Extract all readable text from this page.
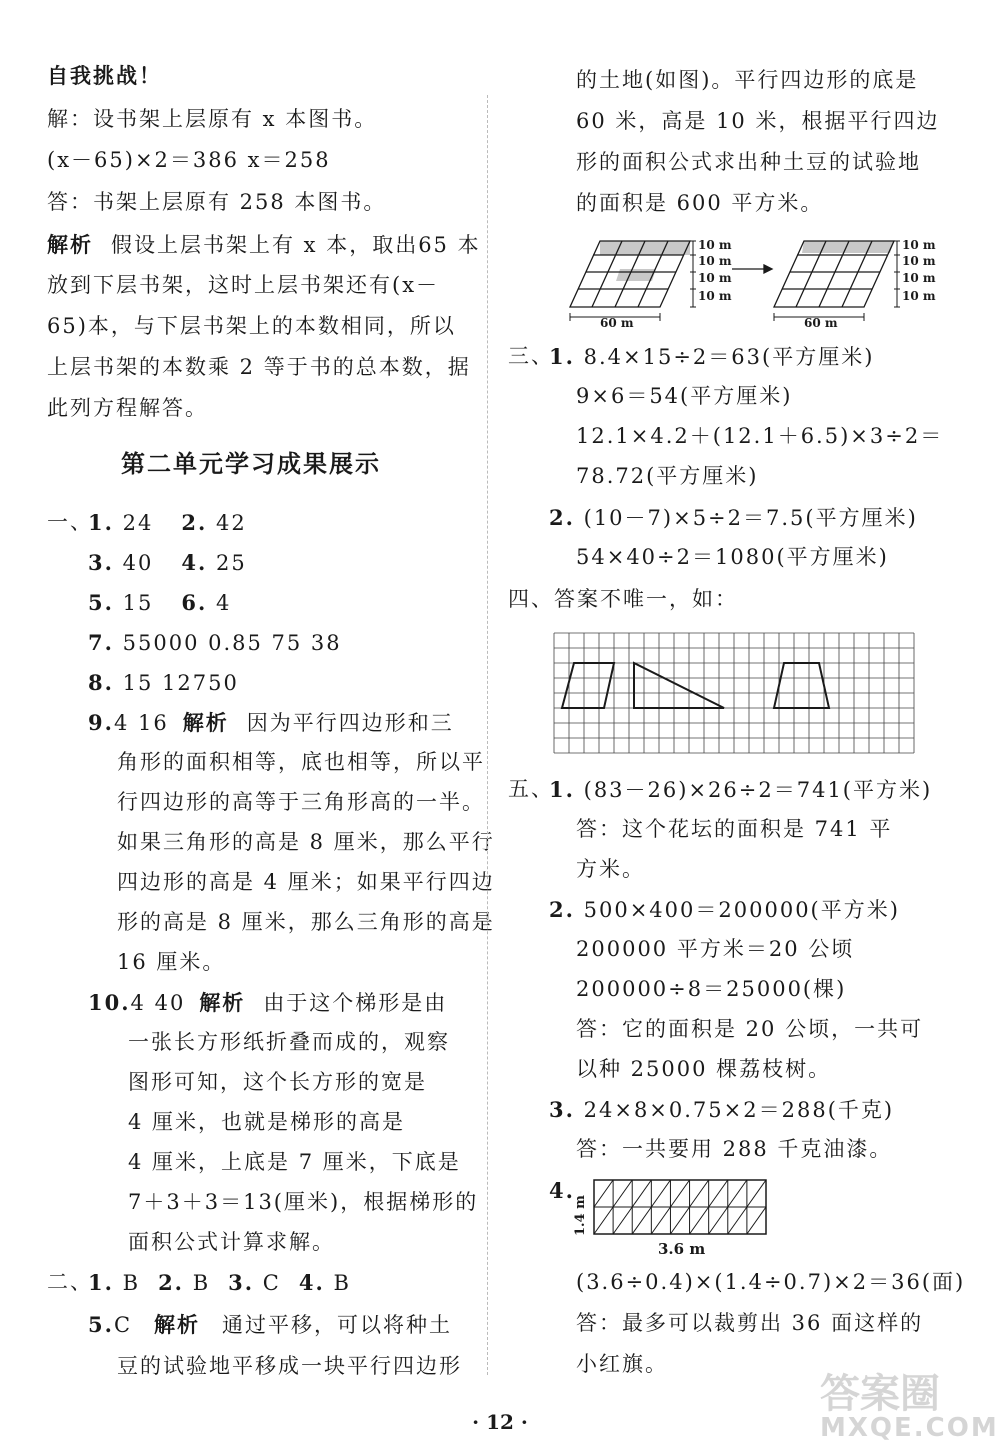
自我挑战！
解：设书架上层原有 x 本图书。
(x－65)×2＝386 x＝258
答：书架上层原有 258 本图书。
解析 假设上层书架上有 x 本，取出65 本
放到下层书架，这时上层书架还有(x－
65)本，与下层书架上的本数相同，所以
上层书架的本数乘 2 等于书的总本数，据
此列方程解答。
第二单元学习成果展示
一、
1. 24 2. 42
3. 40 4. 25
5. 15 6. 4
7. 55000 0.85 75 38
8. 15 12750
9.4 16 解析 因为平行四边形和三
角形的面积相等，底也相等，所以平
行四边形的高等于三角形高的一半。
如果三角形的高是 8 厘米，那么平行
四边形的高是 4 厘米；如果平行四边
形的高是 8 厘米，那么三角形的高是
16 厘米。
10.4 40 解析 由于这个梯形是由
一张长方形纸折叠而成的，观察
图形可知，这个长方形的宽是
4 厘米，也就是梯形的高是
4 厘米，上底是 7 厘米，下底是
7＋3＋3＝13(厘米)，根据梯形的
面积公式计算求解。
二、
1. B 2. B 3. C 4. B
5.C 解析 通过平移，可以将种土
豆的试验地平移成一块平行四边形
的土地(如图)。平行四边形的底是
60 米，高是 10 米，根据平行四边
形的面积公式求出种土豆的试验地
的面积是 600 平方米。
10 m
10 m
10 m
10 m
60 m
10 m
10 m
10 m
10 m
60 m
三、
1. 8.4×15÷2＝63(平方厘米)
9×6＝54(平方厘米)
12.1×4.2＋(12.1＋6.5)×3÷2＝
78.72(平方厘米)
2. (10－7)×5÷2＝7.5(平方厘米)
54×40÷2＝1080(平方厘米)
四、答案不唯一，如：
五、
1. (83－26)×26÷2＝741(平方米)
答：这个花坛的面积是 741 平
方米。
2. 500×400＝200000(平方米)
200000 平方米＝20 公顷
200000÷8＝25000(棵)
答：它的面积是 20 公顷，一共可
以种 25000 棵荔枝树。
3. 24×8×0.75×2＝288(千克)
答：一共要用 288 千克油漆。
4.
1.4 m
3.6 m
(3.6÷0.4)×(1.4÷0.7)×2＝36(面)
答：最多可以裁剪出 36 面这样的
小红旗。
· 12 ·
答案圈
MXQE.COM
